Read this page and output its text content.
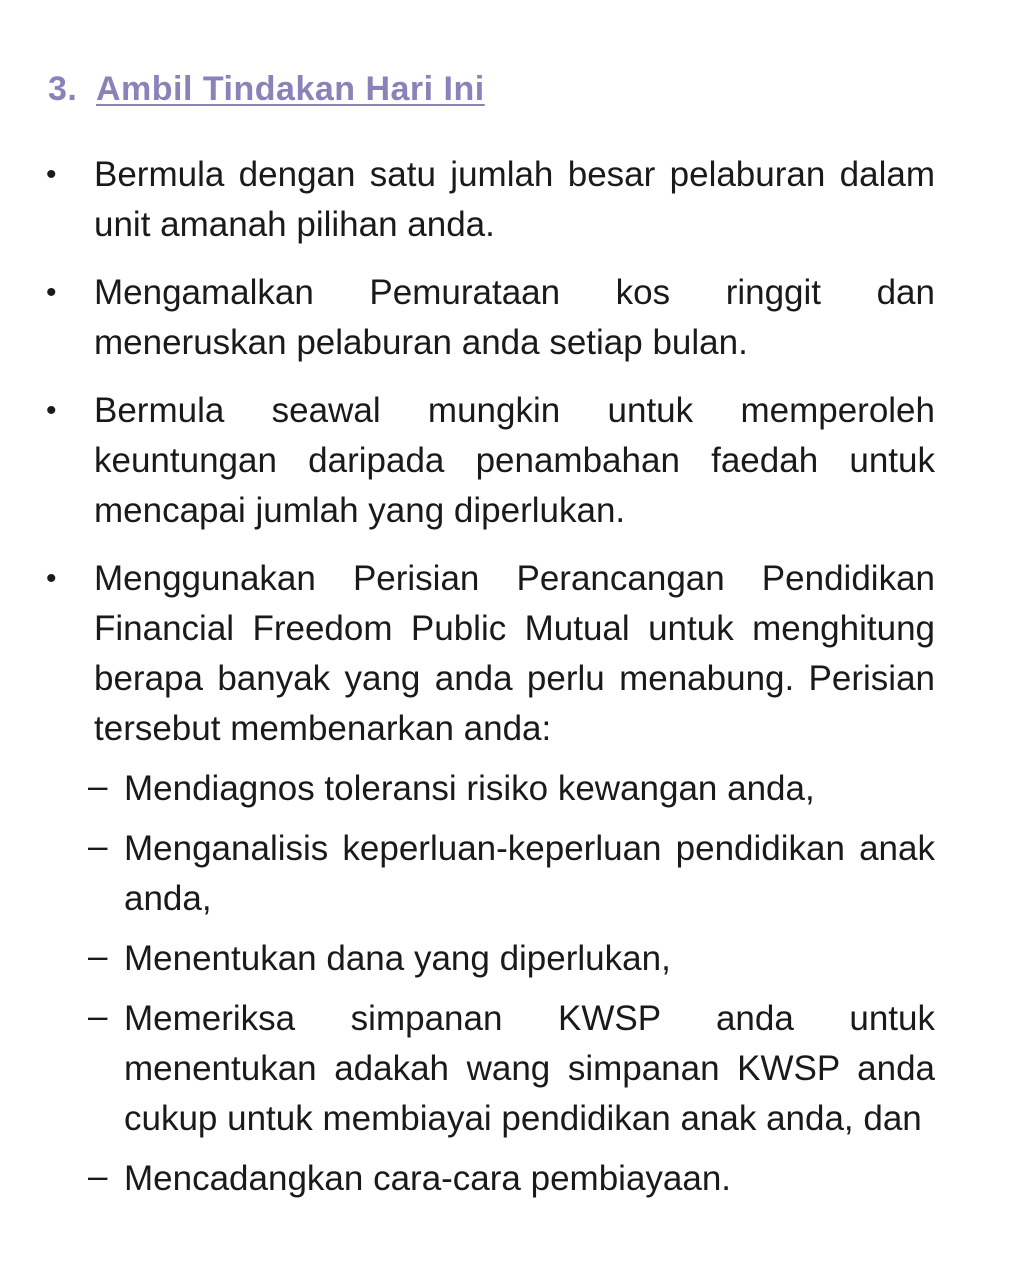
3. Ambil Tindakan Hari Ini
• Bermula dengan satu jumlah besar pelaburan dalam unit amanah pilihan anda.
• Mengamalkan Pemurataan kos ringgit dan meneruskan pelaburan anda setiap bulan.
• Bermula seawal mungkin untuk memperoleh keuntungan daripada penambahan faedah untuk mencapai jumlah yang diperlukan.
• Menggunakan Perisian Perancangan Pendidikan Financial Freedom Public Mutual untuk menghitung berapa banyak yang anda perlu menabung. Perisian tersebut membenarkan anda:
– Mendiagnos toleransi risiko kewangan anda,
– Menganalisis keperluan-keperluan pendidikan anak anda,
– Menentukan dana yang diperlukan,
– Memeriksa simpanan KWSP anda untuk menentukan adakah wang simpanan KWSP anda cukup untuk membiayai pendidikan anak anda, dan
– Mencadangkan cara-cara pembiayaan.
